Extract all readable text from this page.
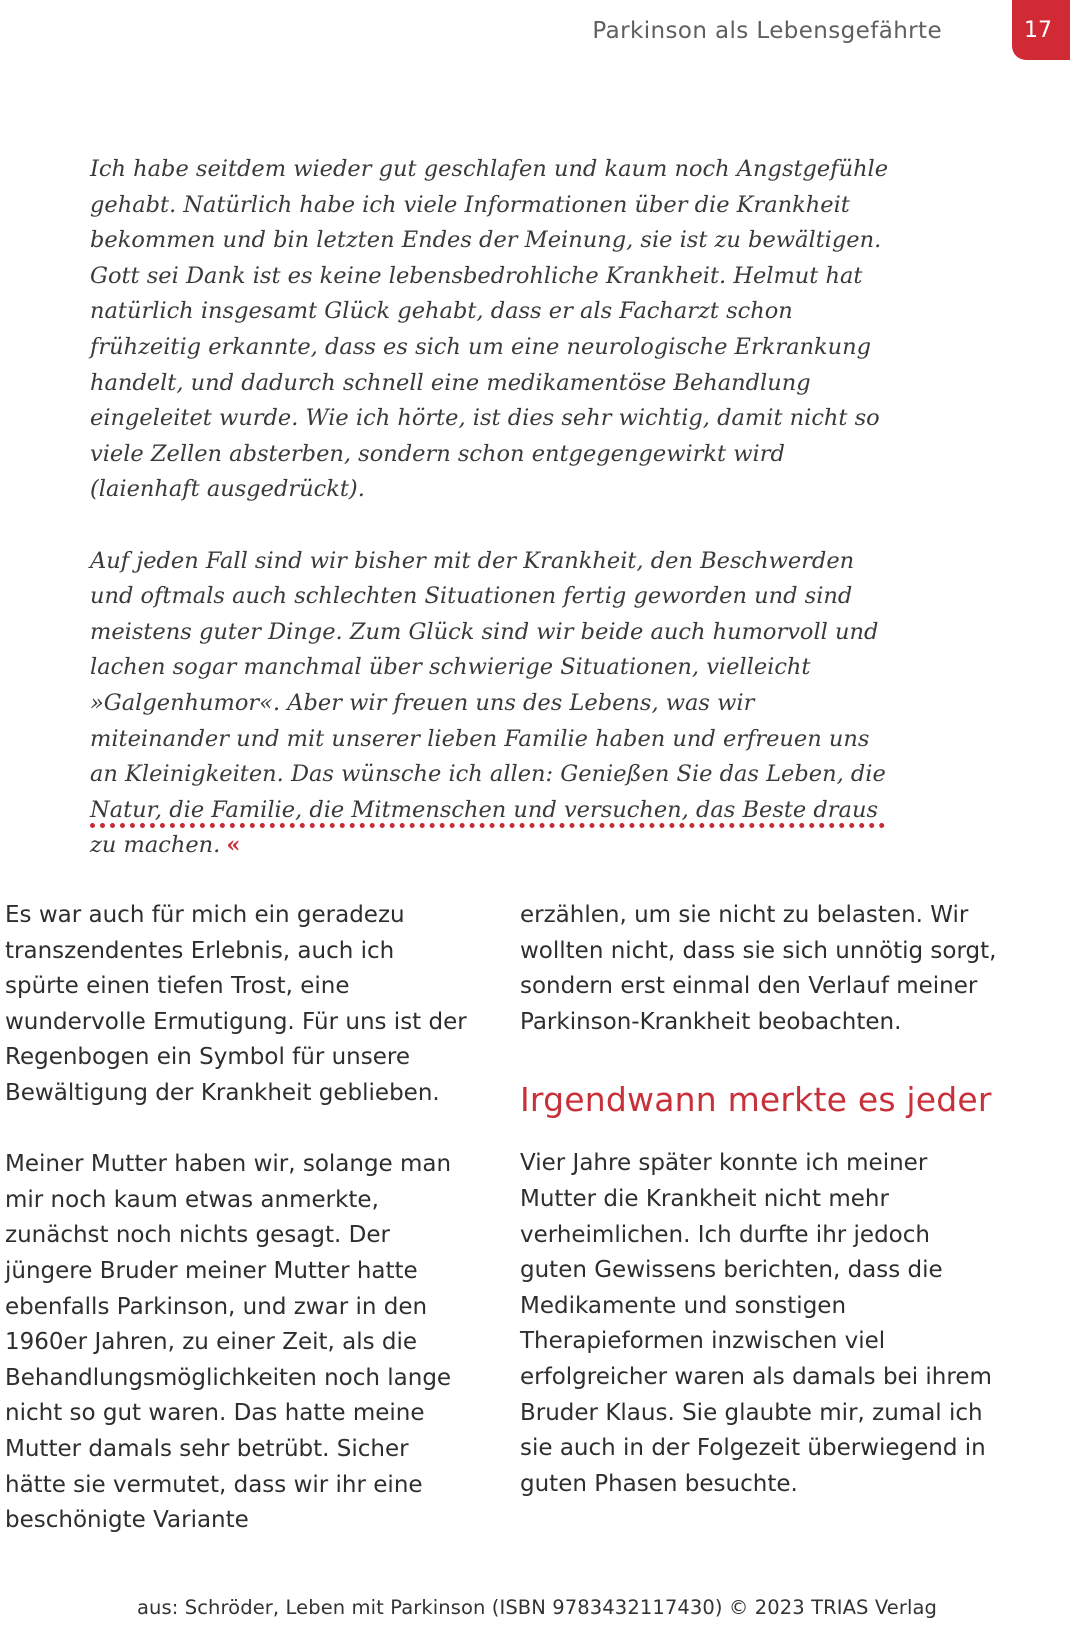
Parkinson als Lebensgefährte	17

Ich habe seitdem wieder gut geschlafen und kaum noch Angstgefühle gehabt. Natürlich habe ich viele Informationen über die Krankheit bekommen und bin letzten Endes der Meinung, sie ist zu bewältigen. Gott sei Dank ist es keine lebensbedrohliche Krankheit. Helmut hat natürlich insgesamt Glück gehabt, dass er als Facharzt schon frühzeitig erkannte, dass es sich um eine neurologische Erkrankung handelt, und dadurch schnell eine medikamentöse Behandlung eingeleitet wurde. Wie ich hörte, ist dies sehr wichtig, damit nicht so viele Zellen absterben, sondern schon entgegengewirkt wird (laienhaft ausgedrückt).

Auf jeden Fall sind wir bisher mit der Krankheit, den Beschwerden und oftmals auch schlechten Situationen fertig geworden und sind meistens guter Dinge. Zum Glück sind wir beide auch humorvoll und lachen sogar manchmal über schwierige Situationen, vielleicht »Galgenhumor«. Aber wir freuen uns des Lebens, was wir miteinander und mit unserer lieben Familie haben und erfreuen uns an Kleinigkeiten. Das wünsche ich allen: Genießen Sie das Leben, die Natur, die Familie, die Mitmenschen und versuchen, das Beste draus zu machen. «

Es war auch für mich ein geradezu transzendentes Erlebnis, auch ich spürte einen tiefen Trost, eine wundervolle Ermutigung. Für uns ist der Regenbogen ein Symbol für unsere Bewältigung der Krankheit geblieben.

Meiner Mutter haben wir, solange man mir noch kaum etwas anmerkte, zunächst noch nichts gesagt. Der jüngere Bruder meiner Mutter hatte ebenfalls Parkinson, und zwar in den 1960er Jahren, zu einer Zeit, als die Behandlungsmöglichkeiten noch lange nicht so gut waren. Das hatte meine Mutter damals sehr betrübt. Sicher hätte sie vermutet, dass wir ihr eine beschönigte Variante

erzählen, um sie nicht zu belasten. Wir wollten nicht, dass sie sich unnötig sorgt, sondern erst einmal den Verlauf meiner Parkinson-Krankheit beobachten.

Irgendwann merkte es jeder

Vier Jahre später konnte ich meiner Mutter die Krankheit nicht mehr verheimlichen. Ich durfte ihr jedoch guten Gewissens berichten, dass die Medikamente und sonstigen Therapieformen inzwischen viel erfolgreicher waren als damals bei ihrem Bruder Klaus. Sie glaubte mir, zumal ich sie auch in der Folgezeit überwiegend in guten Phasen besuchte.

aus: Schröder, Leben mit Parkinson (ISBN 9783432117430) © 2023 TRIAS Verlag
